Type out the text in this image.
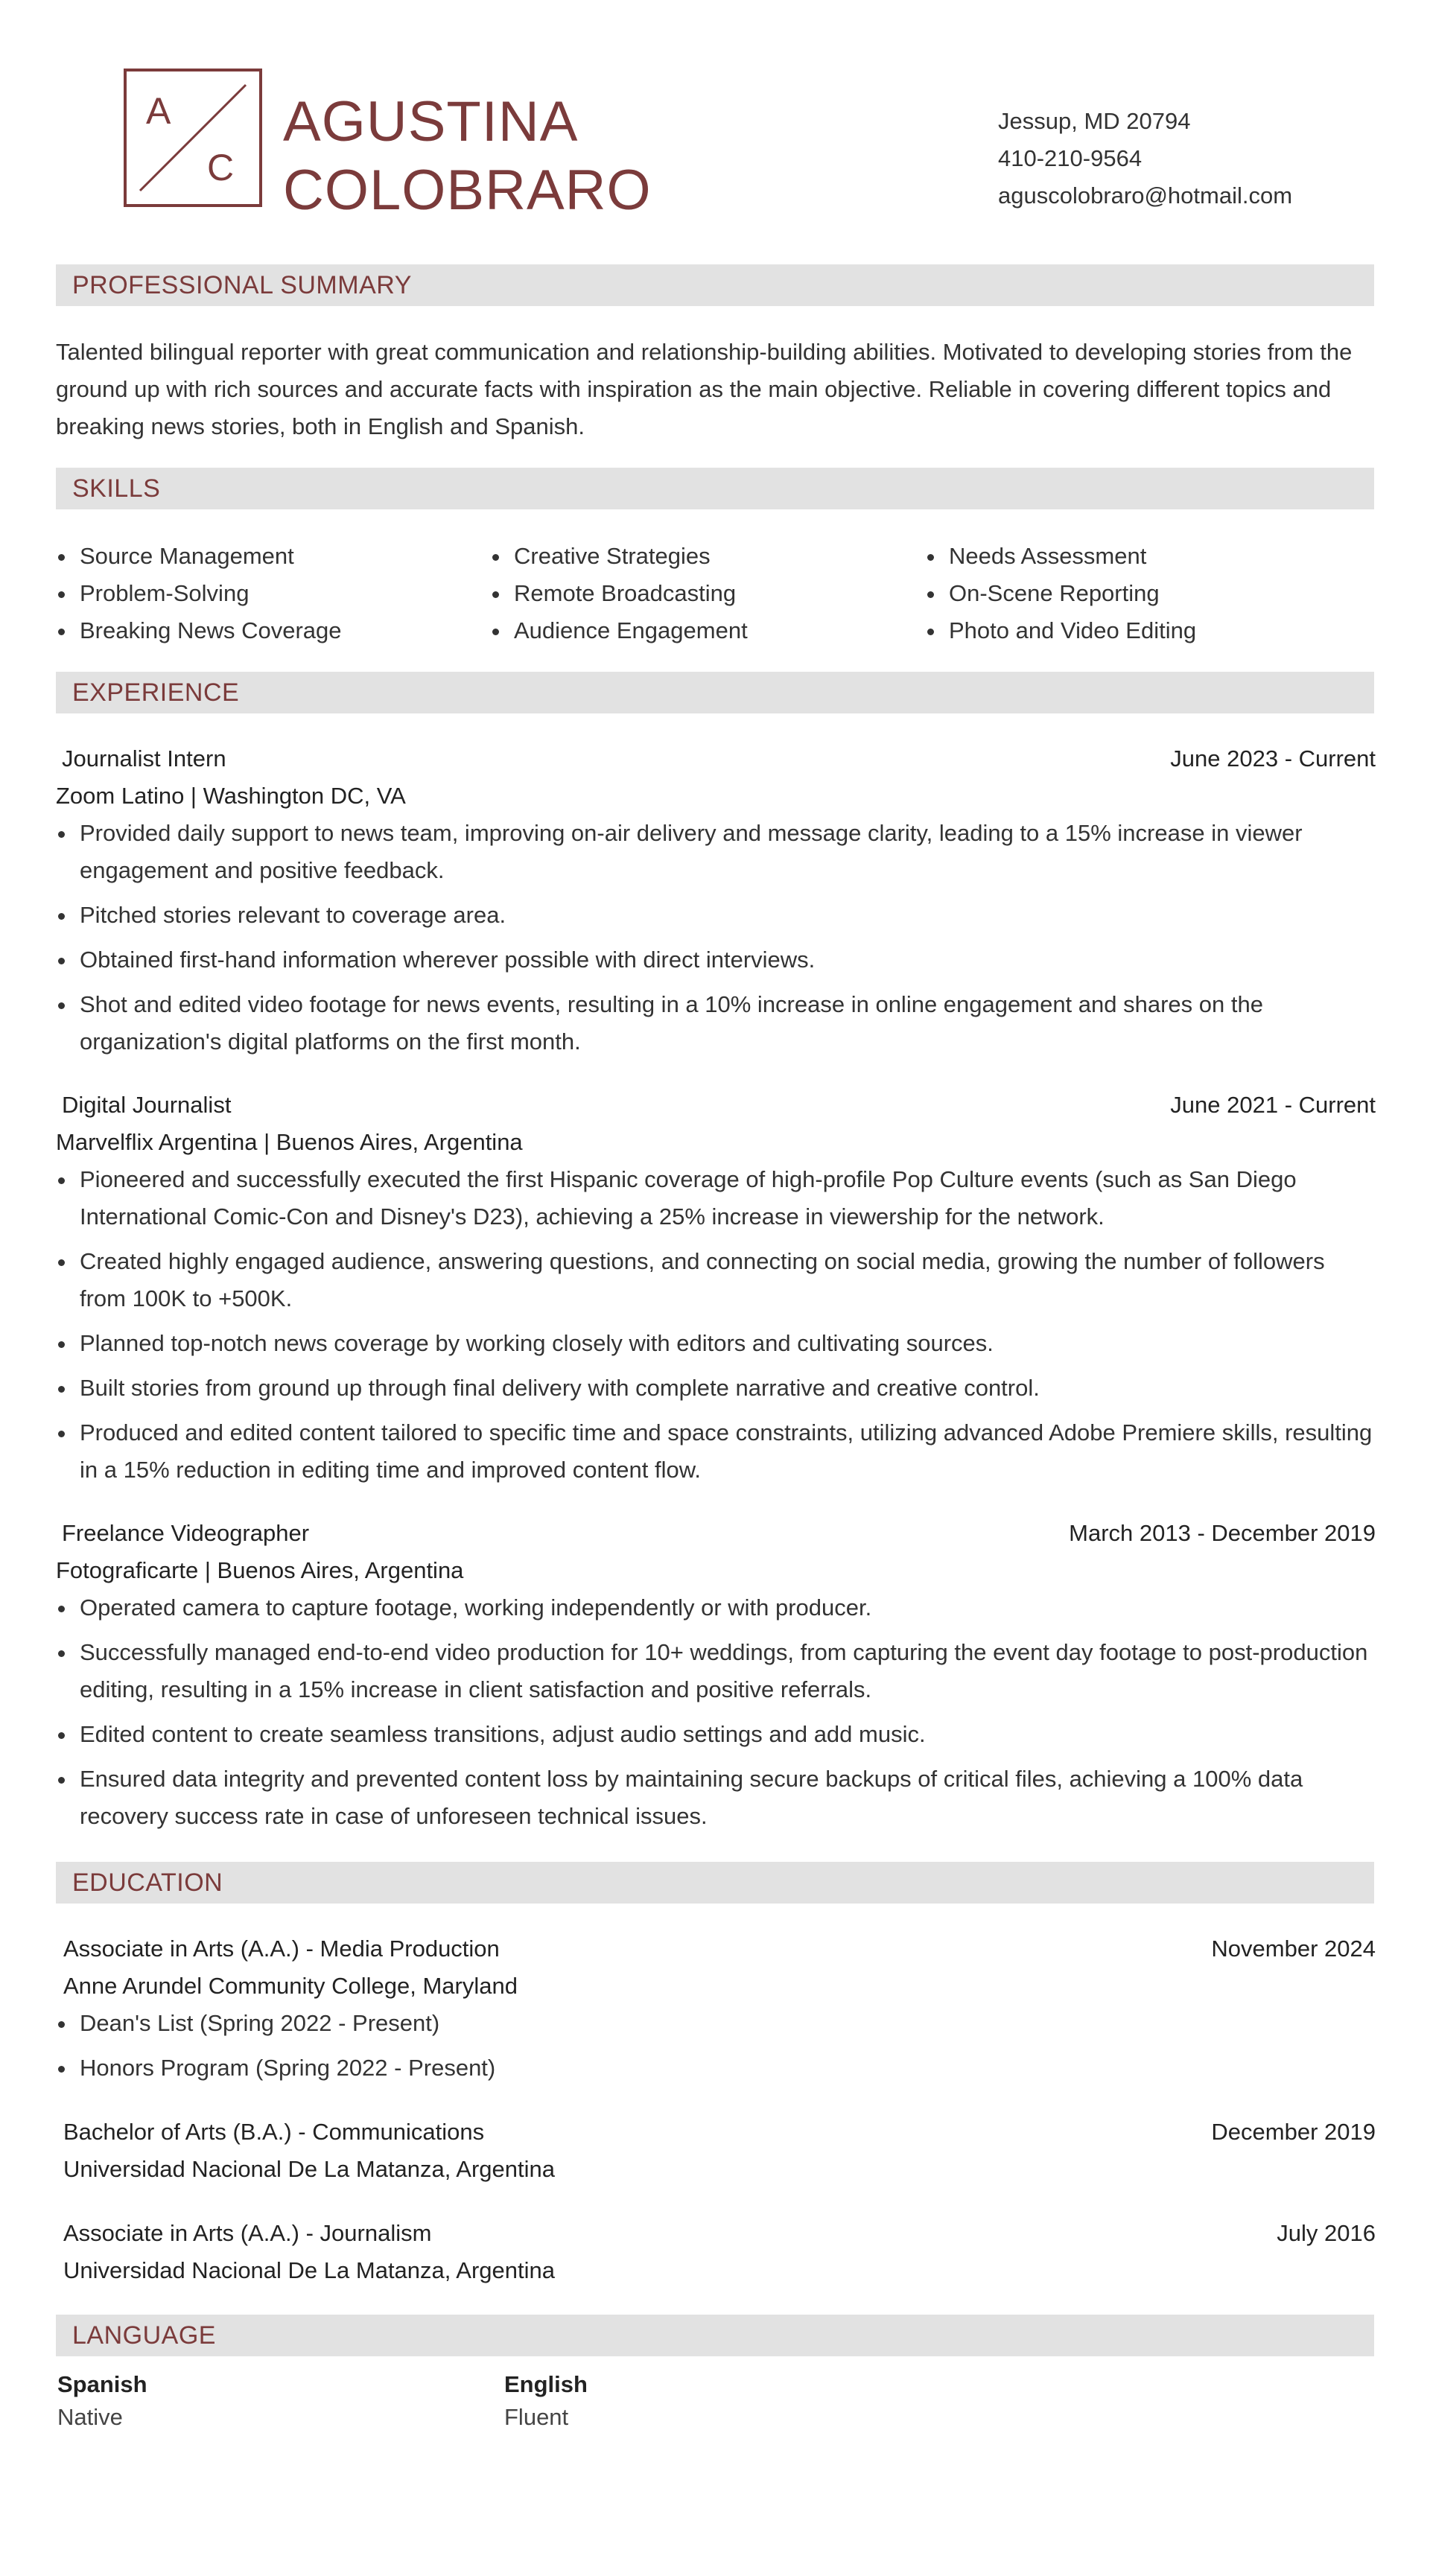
A
C
AGUSTINA
COLOBRARO
Jessup, MD 20794
410-210-9564
aguscolobraro@hotmail.com
PROFESSIONAL SUMMARY
Talented bilingual reporter with great communication and relationship-building abilities. Motivated to developing stories from the ground up with rich sources and accurate facts with inspiration as the main objective. Reliable in covering different topics and breaking news stories, both in English and Spanish.
SKILLS
Source Management
Problem-Solving
Breaking News Coverage
Creative Strategies
Remote Broadcasting
Audience Engagement
Needs Assessment
On-Scene Reporting
Photo and Video Editing
EXPERIENCE
Journalist Intern	June 2023 - Current
Zoom Latino | Washington DC, VA
Provided daily support to news team, improving on-air delivery and message clarity, leading to a 15% increase in viewer engagement and positive feedback.
Pitched stories relevant to coverage area.
Obtained first-hand information wherever possible with direct interviews.
Shot and edited video footage for news events, resulting in a 10% increase in online engagement and shares on the organization's digital platforms on the first month.
Digital Journalist	June 2021 - Current
Marvelflix Argentina | Buenos Aires, Argentina
Pioneered and successfully executed the first Hispanic coverage of high-profile Pop Culture events (such as San Diego International Comic-Con and Disney's D23), achieving a 25% increase in viewership for the network.
Created highly engaged audience, answering questions, and connecting on social media, growing the number of followers from 100K to +500K.
Planned top-notch news coverage by working closely with editors and cultivating sources.
Built stories from ground up through final delivery with complete narrative and creative control.
Produced and edited content tailored to specific time and space constraints, utilizing advanced Adobe Premiere skills, resulting in a 15% reduction in editing time and improved content flow.
Freelance Videographer	March 2013 - December 2019
Fotograficarte | Buenos Aires, Argentina
Operated camera to capture footage, working independently or with producer.
Successfully managed end-to-end video production for 10+ weddings, from capturing the event day footage to post-production editing, resulting in a 15% increase in client satisfaction and positive referrals.
Edited content to create seamless transitions, adjust audio settings and add music.
Ensured data integrity and prevented content loss by maintaining secure backups of critical files, achieving a 100% data recovery success rate in case of unforeseen technical issues.
EDUCATION
Associate in Arts (A.A.) - Media Production	November 2024
Anne Arundel Community College, Maryland
Dean's List (Spring 2022 - Present)
Honors Program (Spring 2022 - Present)
Bachelor of Arts (B.A.) - Communications	December 2019
Universidad Nacional De La Matanza, Argentina
Associate in Arts (A.A.) - Journalism	July 2016
Universidad Nacional De La Matanza, Argentina
LANGUAGE
Spanish
Native
English
Fluent
